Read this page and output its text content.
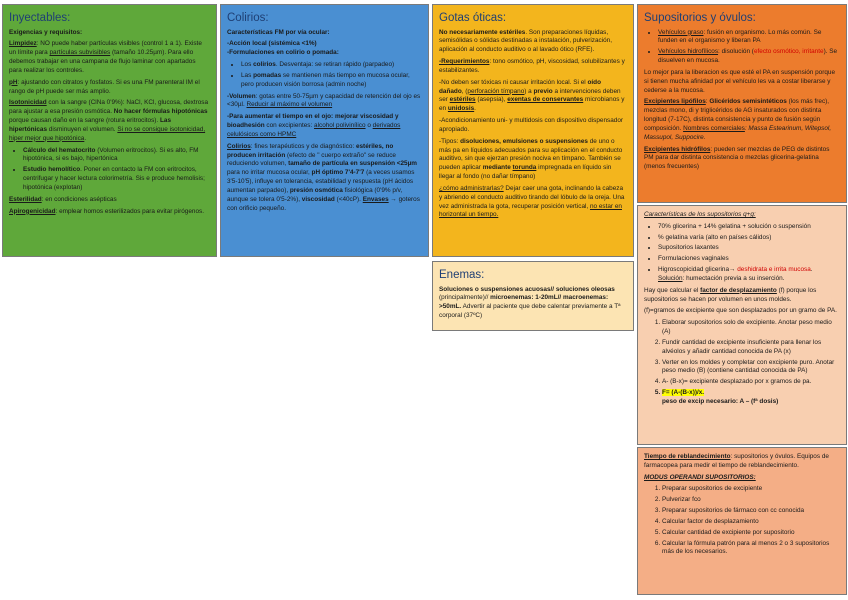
Inyectables:

Exigencias y requisitos:

Limpidez: NO puede haber partículas visibles (control 1 a 1). Existe un límite para partículas subvisibles (tamaño 10.25µm). Para ello debemos trabajar en una campana de flujo laminar con apartados para realizar los controles.

pH: ajustando con citratos y fosfatos. Si es una FM parenteral IM el rango de pH puede ser más amplio.

Isotonicidad con la sangre (ClNa 0'9%): NaCl, KCl, glucosa, dextrosa para ajustar a esa presión osmótica. No hacer fórmulas hipotónicas porque causan daño en la sangre (rotura eritrocitos). Las hipertónicas disminuyen el volumen. Si no se consigue isotonicidad, hiper mejor que hipotónica.

• Cálculo del hematocrito (Volumen eritrocitos). Si es alto, FM hipotónica, si es bajo, hipertónica
• Estudio hemolítico. Poner en contacto la FM con eritrocitos, centrifugar y hacer lectura colorimetría. Sis e produce hemolisis; hipotónica (explotan)

Esterilidad: en condiciones asépticas

Apirogenicidad: emplear homos esterilizados para evitar pirógenos.

Colirios:

Características FM por vía ocular:

-Acción local (sistémica <1%)

-Formulaciones en colirio o pomada:

• Los colirios. Desventaja: se retiran rápido (parpadeo)
• Las pomadas se mantienen más tiempo en mucosa ocular, pero producen visión borrosa (admin noche)

-Volumen: gotas entre 50-75µm y capacidad de retención del ojo es <30µl. Reducir al máximo el volumen

-Para aumentar el tiempo en el ojo: mejorar viscosidad y bioadhesión con excipientes: alcohol polivinílico o derivados celulósicos como HPMC

Colirios: fines terapéuticos y de diagnóstico: estériles, no producen irritación (efecto de " cuerpo extraño" se reduce reduciendo volumen, tamaño de partícula en suspensión <25µm para no irritar mucosa ocular, pH óptimo 7'4-7'7 (a veces usamos 3'5-10'5), influye en tolerancia, estabilidad y respuesta (pH ácidos aumentan parpadeo), presión osmótica fisiológica (0'9% p/v, aunque se tolera 0'5-2%), viscosidad (<40cP). Envases → goteros con orificio pequeño.

Gotas óticas:

No necesariamente estériles. Son preparaciones líquidas, semisólidas o sólidas destinadas a instalación, pulverización, aplicación al conducto auditivo o al lavado ótico (RFE).

-Requerimientos: tono osmótico, pH, viscosidad, solubilizantes y estabilizantes.

-No deben ser tóxicas ni causar irritación local. Si el oído dañado, (perforación tímpano) a previo a intervenciones deben ser estériles (asepsia), exentas de conservantes microbianos y en unidosis.

-Acondicionamiento uni- y multidosis con dispositivo dispensador apropiado.

-Tipos: disoluciones, emulsiones o suspensiones de uno o más pa en líquidos adecuados para su aplicación en el conducto auditivo, sin que ejerzan presión nociva en tímpano. También se pueden aplicar mediante torunda impregnada en líquido sin llegar al fondo (no dañar tímpano)

¿cómo administrarlas? Dejar caer una gota, inclinando la cabeza y abriendo el conducto auditivo tirando del lóbulo de la oreja. Una vez administrada la gota, recuperar posición vertical, no estar en horizontal un tiempo.

Enemas:

Soluciones o suspensiones acuosas// soluciones oleosas (principalmente)// microenemas: 1-20mL// macroenemas: >50mL. Advertir al paciente que debe calentar previamente a Tª corporal (37ºC)

Supositorios y óvulos:
• Vehículos graso: fusión en organismo. Lo más común. Se funden en el organismo y liberan PA
• Vehículos hidrofílicos: disolución (efecto osmótico, irritante). Se disuelven en mucosa.

Lo mejor para la liberacion es que esté el PA en suspensión porque si tienen mucha afinidad por el vehículo les va a costar liberarse y cederse a la mucosa.

Excipientes lipófilos: Glicéridos semisintéticos (los más frec), mezclas mono, di y triglicéridos de AG insaturados con distinta longitud (7-17C), distinta consistencia y punto de fusión según composición. Nombres comerciales: Massa Estearinum, Witepsol, Massupol, Suppocire.

Excipientes hidrófilos: pueden ser mezclas de PEG de distintos PM para dar distinta consistencia o mezclas glicerina-gelatina (menos frecuentes)

Características de los supositorios q+g:

• 70% glicerina + 14% gelatina + solución o suspensión
• % gelatina varía (alto en países cálidos)
• Supositorios laxantes
• Formulaciones vaginales
• Higroscopicidad glicerina→ deshidrata e irrita mucosa. Solución: humectación previa a su inserción.

Hay que calcular el factor de desplazamiento (f) porque los supositorios se hacen por volumen en unos moldes.

(f)=gramos de excipiente que son desplazados por un gramo de PA.

1. Elaborar supositorios solo de excipiente. Anotar peso medio (A)
2. Fundir cantidad de excipiente insuficiente para llenar los alvéolos y añadir cantidad conocida de PA (x)
3. Verter en los moldes y completar con excipiente puro. Anotar peso medio (B) (contiene cantidad conocida de PA)
4. A- (B-x)= excipiente desplazado por x gramos de pa.
5. F= (A-(B-x))/x.
peso de excip necesario: A – (fª dosis)

Tiempo de reblandecimiento: supositorios y óvulos. Equipos de farmacopea para medir el tiempo de reblandecimiento.

MODUS OPERANDI SUPOSITORIOS:

1. Preparar supositorios de excipiente
2. Pulverizar fco
3. Preparar supositorios de fármaco con cc conocida
4. Calcular factor de desplazamiento
5. Calcular cantidad de excipiente por supositorio
6. Calcular la fórmula patrón para al menos 2 o 3 supositorios más de los necesarios.
